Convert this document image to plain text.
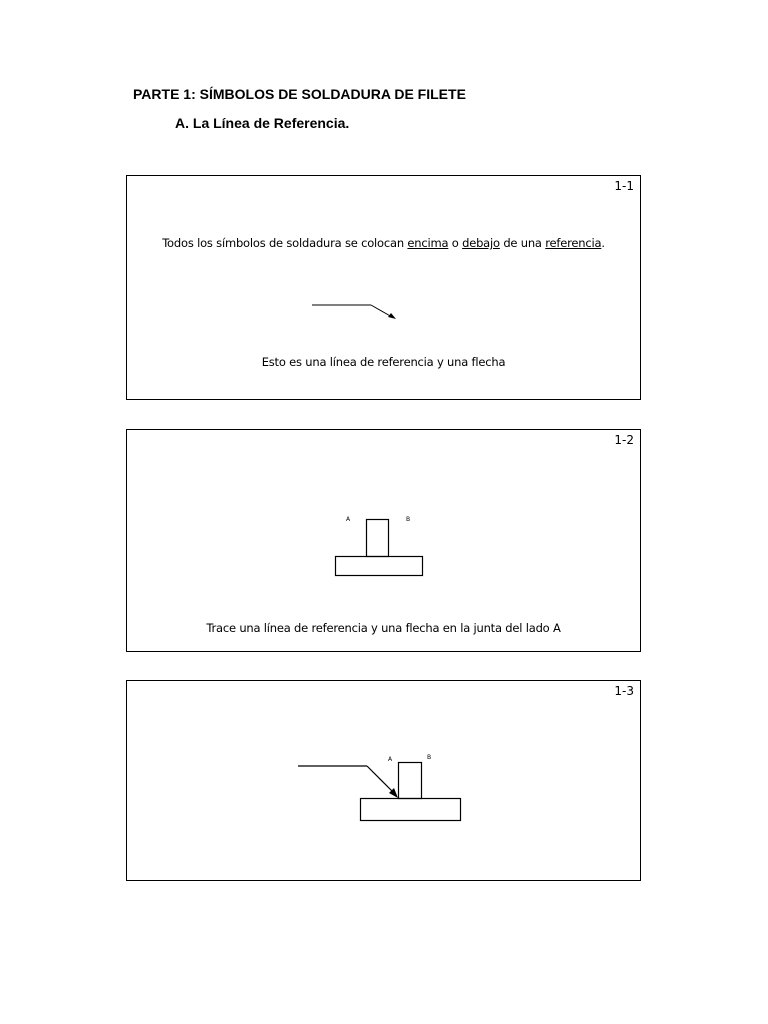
PARTE 1: SÍMBOLOS DE SOLDADURA DE FILETE
A. La Línea de Referencia.
1-1
Todos los símbolos de soldadura se colocan encima o debajo de una referencia.
Esto es una línea de referencia y una flecha
1-2
A	B
Trace una línea de referencia y una flecha en la junta del lado A
1-3
A	B
